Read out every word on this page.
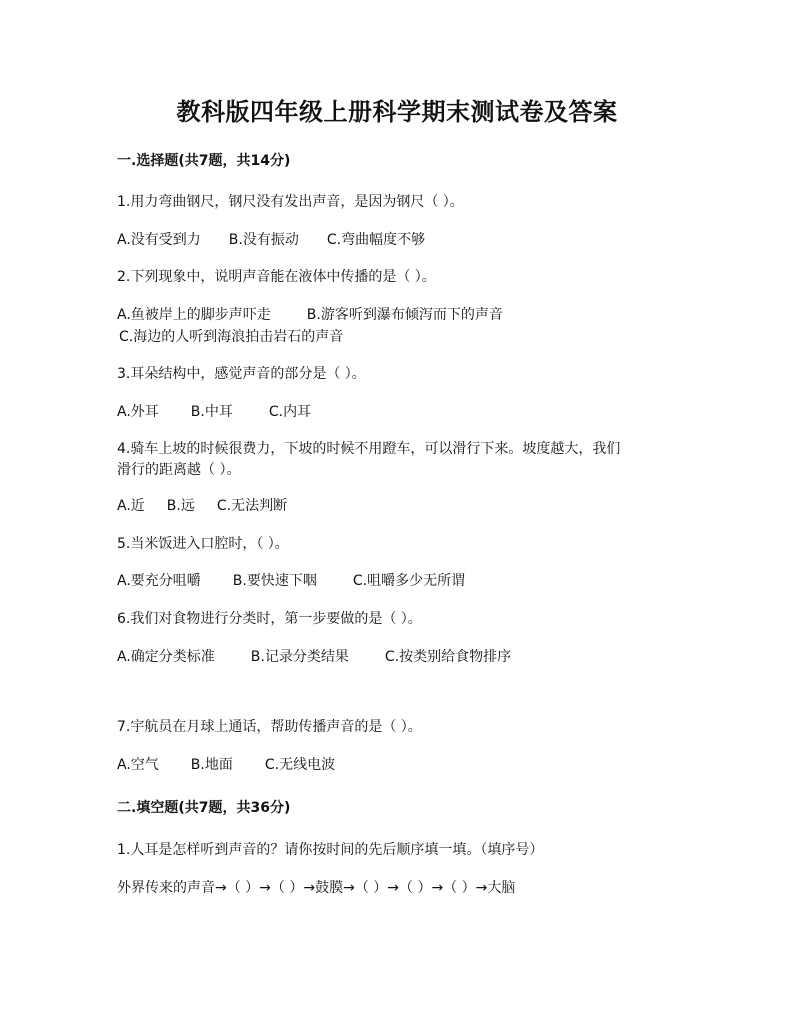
教科版四年级上册科学期末测试卷及答案
一.选择题(共7题，共14分)
1.用力弯曲钢尺，钢尺没有发出声音，是因为钢尺（ ）。
A.没有受到力 B.没有振动 C.弯曲幅度不够
2.下列现象中，说明声音能在液体中传播的是（ ）。
A.鱼被岸上的脚步声吓走	B.游客听到瀑布倾泻而下的声音
C.海边的人听到海浪拍击岩石的声音
3.耳朵结构中，感觉声音的部分是（ ）。
A.外耳 B.中耳	C.内耳
4.骑车上坡的时候很费力，下坡的时候不用蹬车，可以滑行下来。坡度越大，我们
滑行的距离越（ ）。
A.近 B.远 C.无法判断
5.当米饭进入口腔时，（ ）。
A.要充分咀嚼 B.要快速下咽	C.咀嚼多少无所谓
6.我们对食物进行分类时，第一步要做的是（ ）。
A.确定分类标准	B.记录分类结果	C.按类别给食物排序
7.宇航员在月球上通话，帮助传播声音的是（ ）。
A.空气 B.地面 C.无线电波
二.填空题(共7题，共36分)
1.人耳是怎样听到声音的？请你按时间的先后顺序填一填。（填序号）
外界传来的声音→（ ）→（ ）→鼓膜→（ ）→（ ）→（ ）→大脑
